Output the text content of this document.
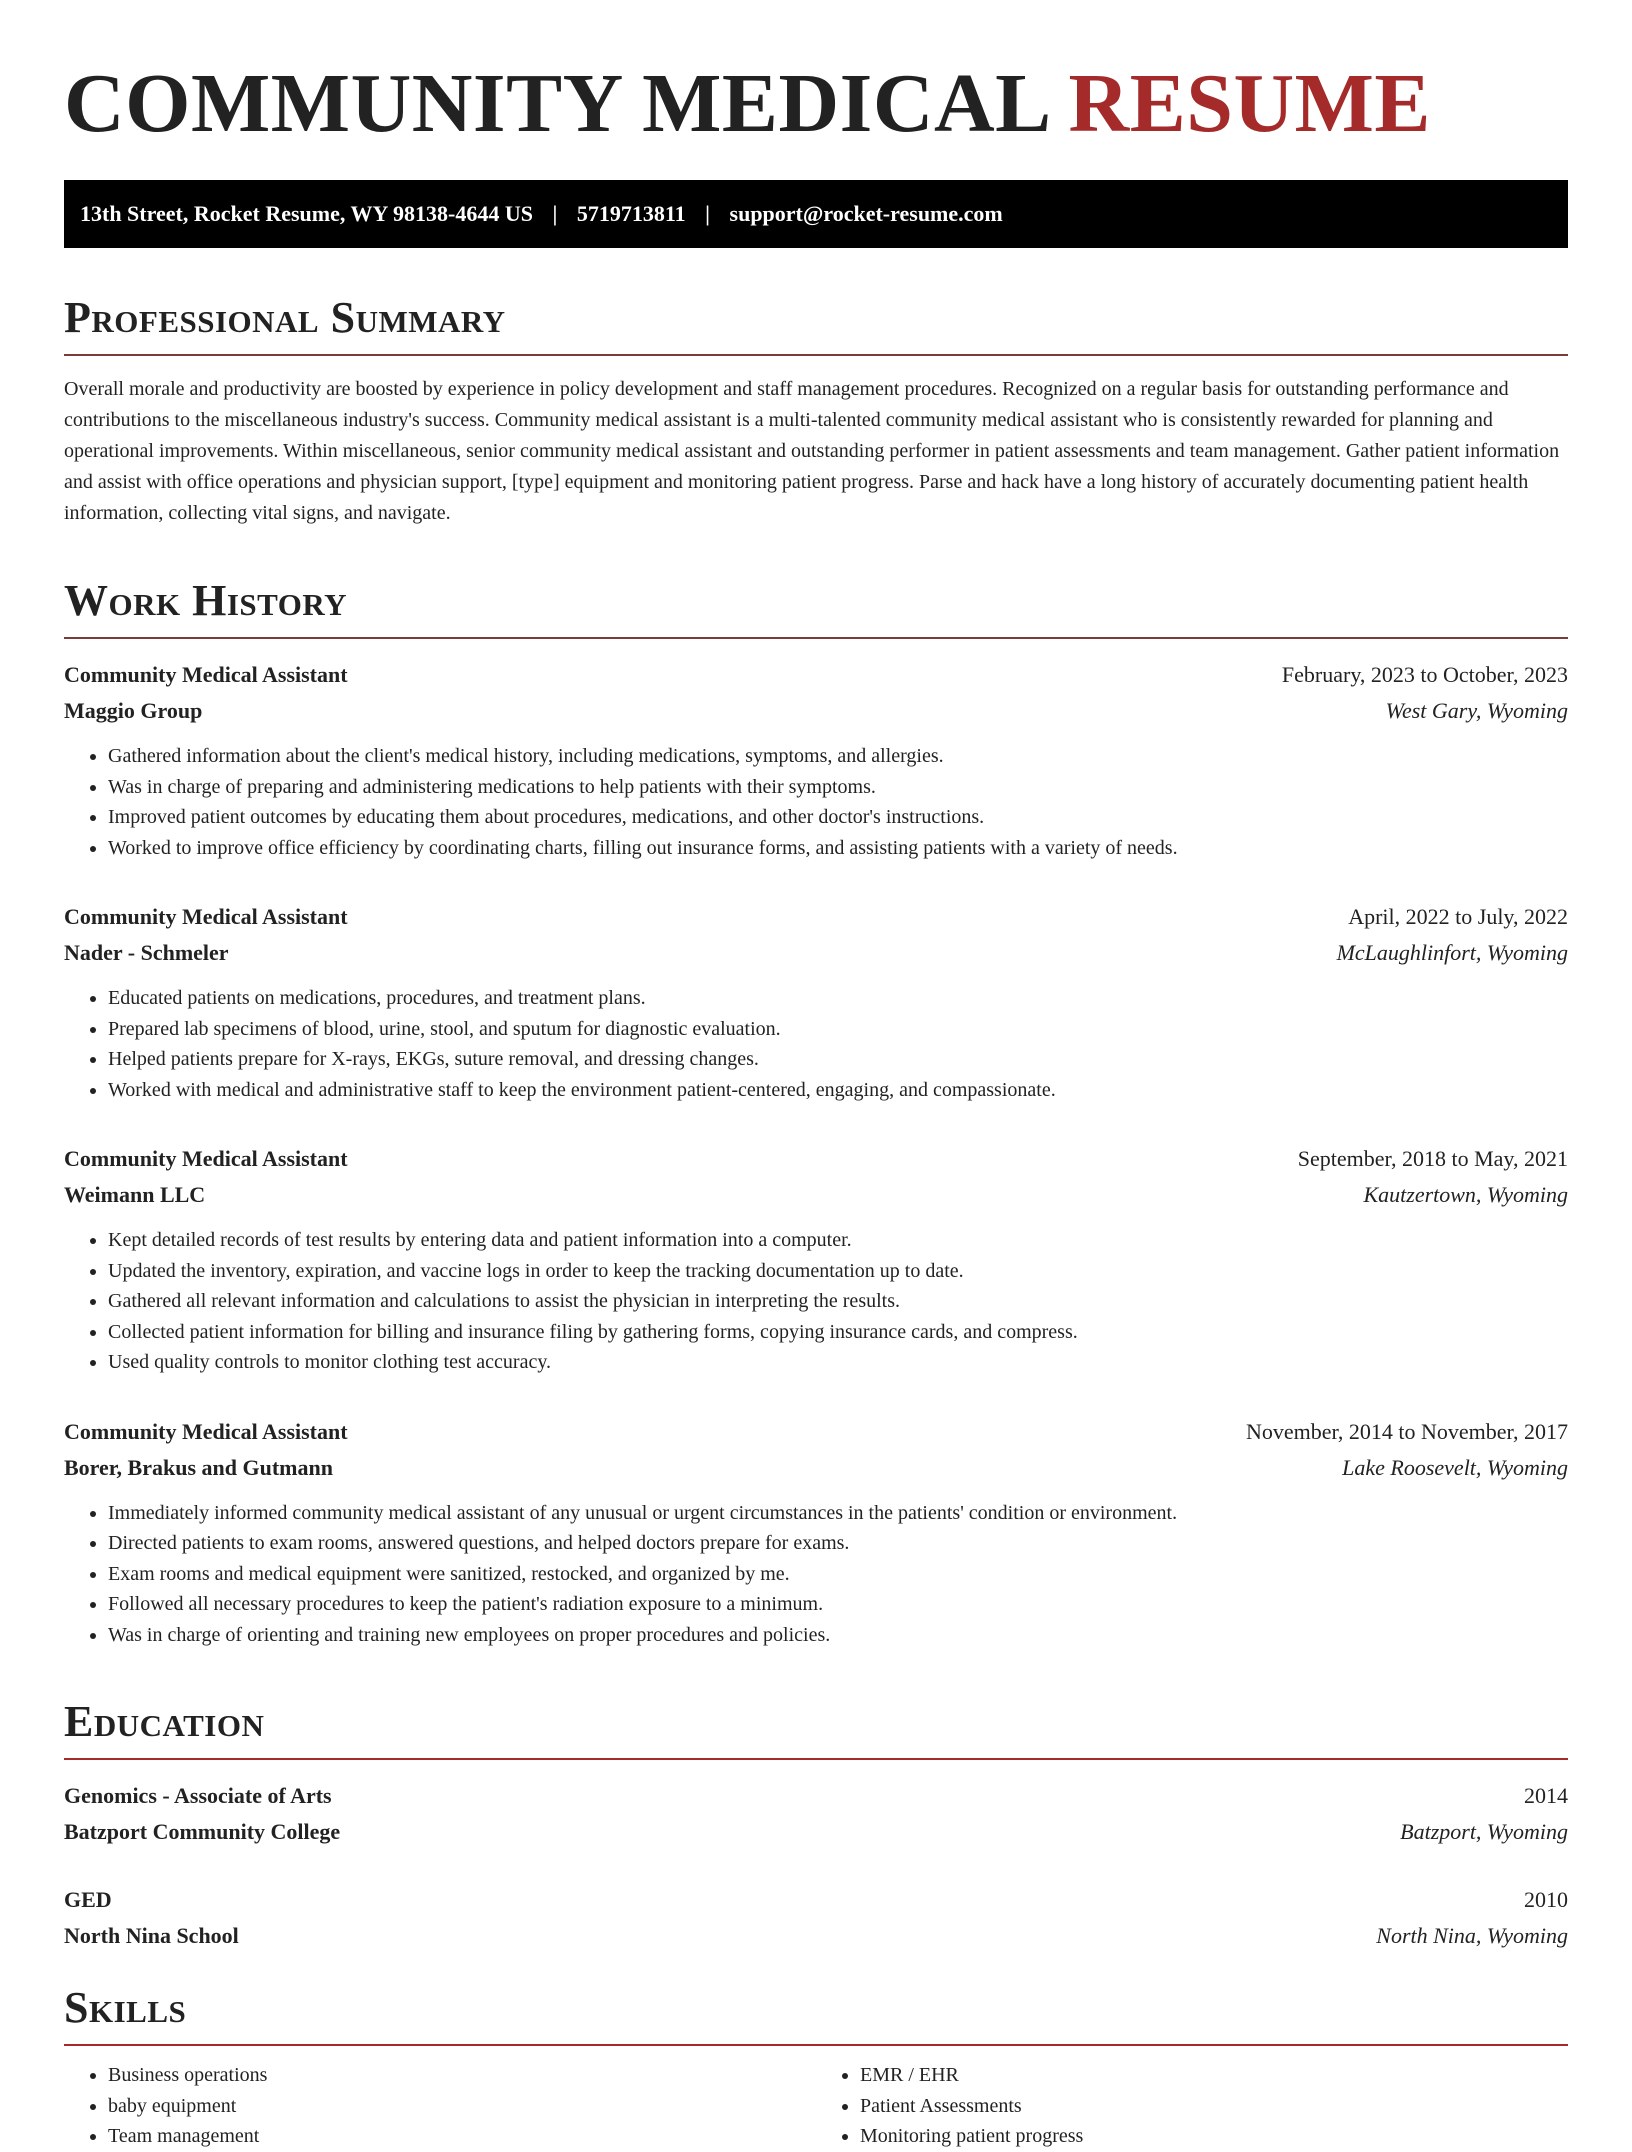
COMMUNITY MEDICAL RESUME
13th Street, Rocket Resume, WY 98138-4644 US | 5719713811 | support@rocket-resume.com
Professional Summary

Overall morale and productivity are boosted by experience in policy development and staff management procedures. Recognized on a regular basis for outstanding performance and contributions to the miscellaneous industry's success. Community medical assistant is a multi-talented community medical assistant who is consistently rewarded for planning and operational improvements. Within miscellaneous, senior community medical assistant and outstanding performer in patient assessments and team management. Gather patient information and assist with office operations and physician support, [type] equipment and monitoring patient progress. Parse and hack have a long history of accurately documenting patient health information, collecting vital signs, and navigate.

Work History
Community Medical Assistant	February, 2023 to October, 2023
Maggio Group	West Gary, Wyoming
• Gathered information about the client's medical history, including medications, symptoms, and allergies.
• Was in charge of preparing and administering medications to help patients with their symptoms.
• Improved patient outcomes by educating them about procedures, medications, and other doctor's instructions.
• Worked to improve office efficiency by coordinating charts, filling out insurance forms, and assisting patients with a variety of needs.
Community Medical Assistant	April, 2022 to July, 2022
Nader - Schmeler	McLaughlinfort, Wyoming
• Educated patients on medications, procedures, and treatment plans.
• Prepared lab specimens of blood, urine, stool, and sputum for diagnostic evaluation.
• Helped patients prepare for X-rays, EKGs, suture removal, and dressing changes.
• Worked with medical and administrative staff to keep the environment patient-centered, engaging, and compassionate.
Community Medical Assistant	September, 2018 to May, 2021
Weimann LLC	Kautzertown, Wyoming
• Kept detailed records of test results by entering data and patient information into a computer.
• Updated the inventory, expiration, and vaccine logs in order to keep the tracking documentation up to date.
• Gathered all relevant information and calculations to assist the physician in interpreting the results.
• Collected patient information for billing and insurance filing by gathering forms, copying insurance cards, and compress.
• Used quality controls to monitor clothing test accuracy.
Community Medical Assistant	November, 2014 to November, 2017
Borer, Brakus and Gutmann	Lake Roosevelt, Wyoming
• Immediately informed community medical assistant of any unusual or urgent circumstances in the patients' condition or environment.
• Directed patients to exam rooms, answered questions, and helped doctors prepare for exams.
• Exam rooms and medical equipment were sanitized, restocked, and organized by me.
• Followed all necessary procedures to keep the patient's radiation exposure to a minimum.
• Was in charge of orienting and training new employees on proper procedures and policies.
Education
Genomics - Associate of Arts	2014
Batzport Community College	Batzport, Wyoming
GED	2010
North Nina School	North Nina, Wyoming
Skills
• Business operations
• baby equipment
• Team management
• EMR / EHR
• Patient Assessments
• Monitoring patient progress
